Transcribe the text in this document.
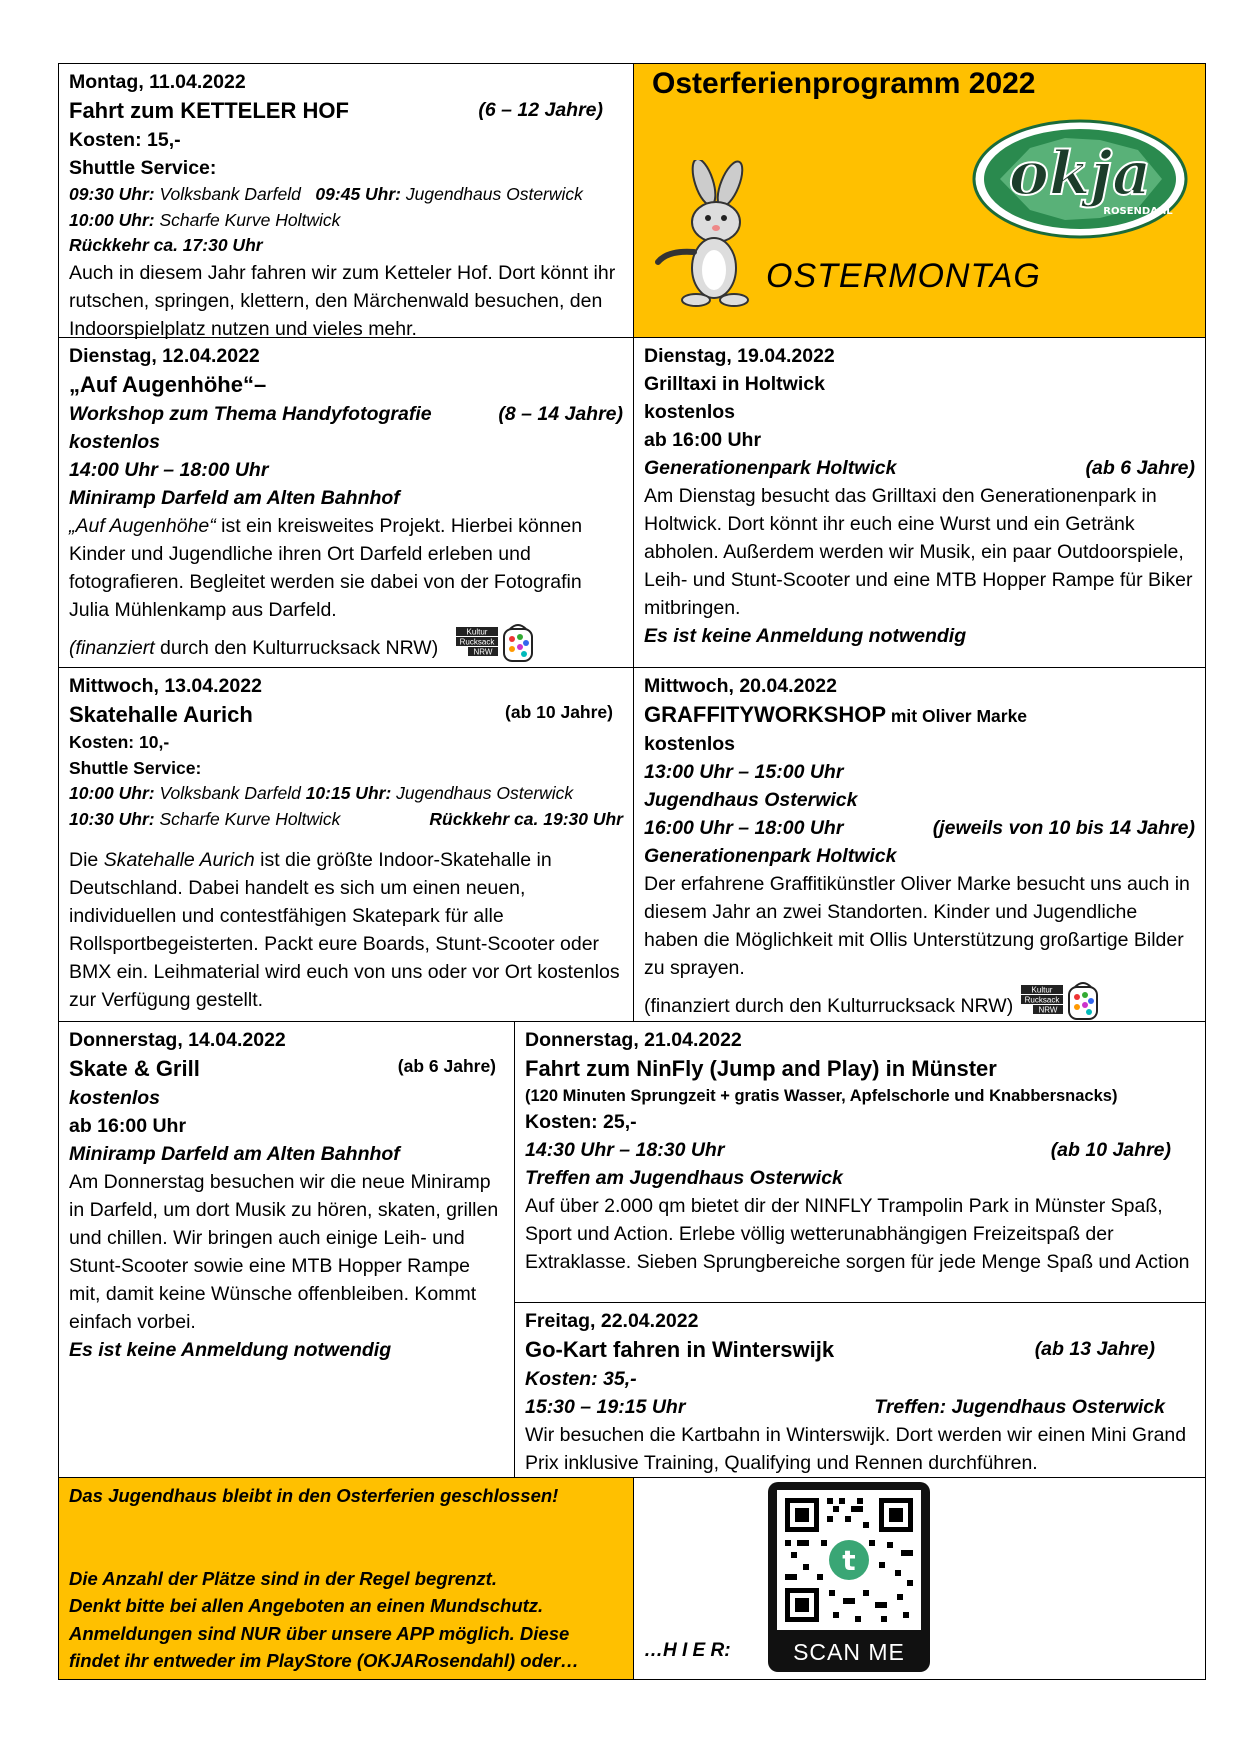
Montag, 11.04.2022
Fahrt zum KETTELER HOF	(6 – 12 Jahre)
Kosten: 15,-
Shuttle Service:
09:30 Uhr: Volksbank Darfeld   09:45 Uhr: Jugendhaus Osterwick
10:00 Uhr: Scharfe Kurve Holtwick
Rückkehr ca. 17:30 Uhr
Auch in diesem Jahr fahren wir zum Ketteler Hof. Dort könnt ihr rutschen, springen, klettern, den Märchenwald besuchen, den Indoorspielplatz nutzen und vieles mehr.
Osterferienprogramm 2022
okja
ROSENDAHL
OSTERMONTAG
Dienstag, 12.04.2022
„Auf Augenhöhe“–
Workshop zum Thema Handyfotografie	(8 – 14 Jahre)
kostenlos
14:00 Uhr – 18:00 Uhr
Miniramp Darfeld am Alten Bahnhof
„Auf Augenhöhe“ ist ein kreisweites Projekt. Hierbei können Kinder und Jugendliche ihren Ort Darfeld erleben und fotografieren. Begleitet werden sie dabei von der Fotografin Julia Mühlenkamp aus Darfeld.
(finanziert durch den Kulturrucksack NRW)
Kultur
Rucksack
NRW
Dienstag, 19.04.2022
Grilltaxi in Holtwick
kostenlos
ab 16:00 Uhr
Generationenpark Holtwick	(ab 6 Jahre)
Am Dienstag besucht das Grilltaxi den Generationenpark in Holtwick. Dort könnt ihr euch eine Wurst und ein Getränk abholen. Außerdem werden wir Musik, ein paar Outdoorspiele, Leih- und Stunt-Scooter und eine MTB Hopper Rampe für Biker mitbringen.
Es ist keine Anmeldung notwendig
Mittwoch, 13.04.2022
Skatehalle Aurich	(ab 10 Jahre)
Kosten: 10,-
Shuttle Service:
10:00 Uhr: Volksbank Darfeld 10:15 Uhr: Jugendhaus Osterwick
10:30 Uhr: Scharfe Kurve Holtwick	Rückkehr ca. 19:30 Uhr
Die Skatehalle Aurich ist die größte Indoor-Skatehalle in Deutschland. Dabei handelt es sich um einen neuen, individuellen und contestfähigen Skatepark für alle Rollsportbegeisterten. Packt eure Boards, Stunt-Scooter oder BMX ein. Leihmaterial wird euch von uns oder vor Ort kostenlos zur Verfügung gestellt.
Mittwoch, 20.04.2022
GRAFFITYWORKSHOP mit Oliver Marke
kostenlos
13:00 Uhr – 15:00 Uhr
Jugendhaus Osterwick
16:00 Uhr – 18:00 Uhr	(jeweils von 10 bis 14 Jahre)
Generationenpark Holtwick
Der erfahrene Graffitikünstler Oliver Marke besucht uns auch in diesem Jahr an zwei Standorten. Kinder und Jugendliche haben die Möglichkeit mit Ollis Unterstützung großartige Bilder zu sprayen.
(finanziert durch den Kulturrucksack NRW)
Kultur
Rucksack
NRW
Donnerstag, 14.04.2022
Skate & Grill	(ab 6 Jahre)
kostenlos
ab 16:00 Uhr
Miniramp Darfeld am Alten Bahnhof
Am Donnerstag besuchen wir die neue Miniramp in Darfeld, um dort Musik zu hören, skaten, grillen und chillen. Wir bringen auch einige Leih- und Stunt-Scooter sowie eine MTB Hopper Rampe mit, damit keine Wünsche offenbleiben. Kommt einfach vorbei.
Es ist keine Anmeldung notwendig
Donnerstag, 21.04.2022
Fahrt zum NinFly (Jump and Play) in Münster
(120 Minuten Sprungzeit + gratis Wasser, Apfelschorle und Knabbersnacks)
Kosten: 25,-
14:30 Uhr – 18:30 Uhr	(ab 10 Jahre)
Treffen am Jugendhaus Osterwick
Auf über 2.000 qm bietet dir der NINFLY Trampolin Park in Münster Spaß, Sport und Action. Erlebe völlig wetterunabhängigen Freizeitspaß der Extraklasse. Sieben Sprungbereiche sorgen für jede Menge Spaß und Action
Freitag, 22.04.2022
Go-Kart fahren in Winterswijk	(ab 13 Jahre)
Kosten: 35,-
15:30 – 19:15 Uhr	Treffen: Jugendhaus Osterwick
Wir besuchen die Kartbahn in Winterswijk. Dort werden wir einen Mini Grand Prix inklusive Training, Qualifying und Rennen durchführen.
Das Jugendhaus bleibt in den Osterferien geschlossen!
Die Anzahl der Plätze sind in der Regel begrenzt.
Denkt bitte bei allen Angeboten an einen Mundschutz.
Anmeldungen sind NUR über unsere APP möglich. Diese findet ihr entweder im PlayStore (OKJARosendahl) oder…	…H I E R:
t
SCAN ME
